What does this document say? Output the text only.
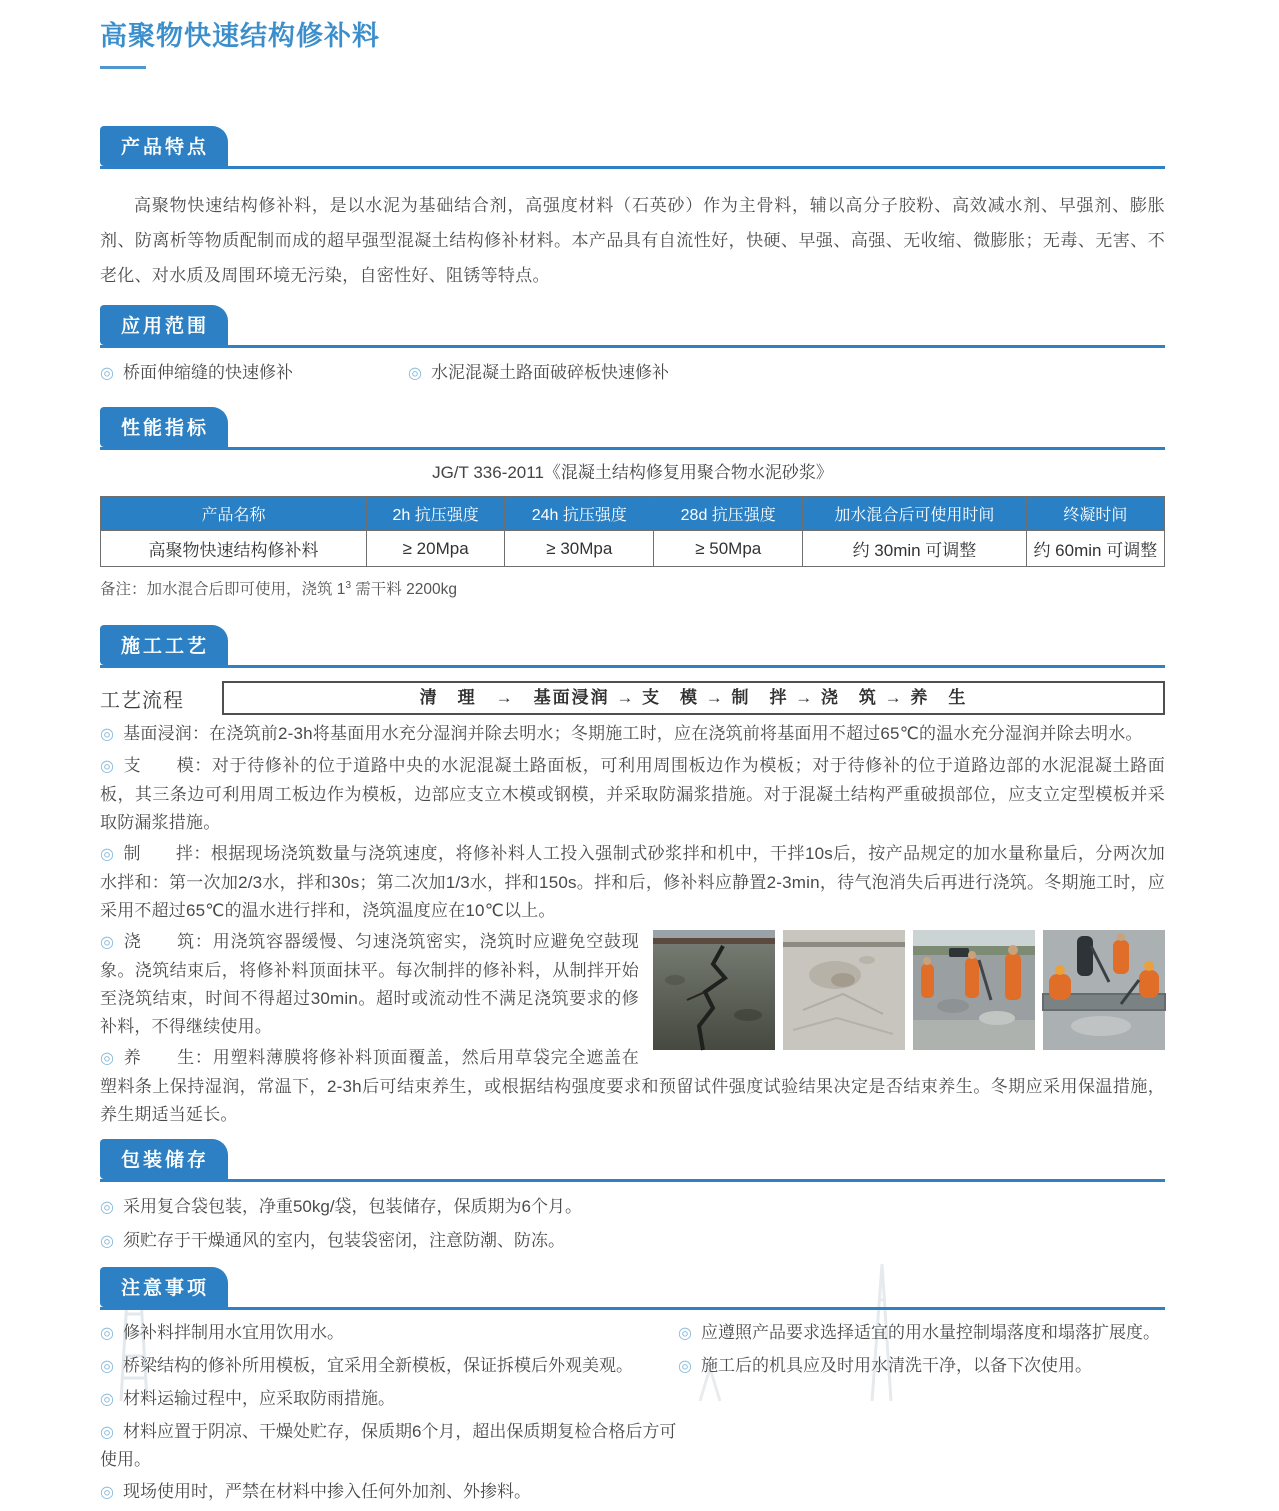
高聚物快速结构修补料
产品特点

高聚物快速结构修补料，是以水泥为基础结合剂，高强度材料（石英砂）作为主骨料，辅以高分子胶粉、高效减水剂、早强剂、膨胀剂、防离析等物质配制而成的超早强型混凝土结构修补材料。本产品具有自流性好，快硬、早强、高强、无收缩、微膨胀；无毒、无害、不老化、对水质及周围环境无污染，自密性好、阻锈等特点。

应用范围
◎ 桥面伸缩缝的快速修补	◎ 水泥混凝土路面破碎板快速修补
性能指标
JG/T 336-2011《混凝土结构修复用聚合物水泥砂浆》
产品名称	2h 抗压强度	24h 抗压强度	28d 抗压强度	加水混合后可使用时间	终凝时间
高聚物快速结构修补料	≥ 20Mpa	≥ 30Mpa	≥ 50Mpa	约 30min 可调整	约 60min 可调整
备注：加水混合后即可使用，浇筑 $1^3$ 需干料 2200kg
施工工艺
工艺流程	清　理　→　基面浸润 → 支　模 → 制　拌 → 浇　筑 → 养　生

◎ 基面浸润：在浇筑前2-3h将基面用水充分湿润并除去明水；冬期施工时，应在浇筑前将基面用不超过65℃的温水充分湿润并除去明水。

◎ 支　　模：对于待修补的位于道路中央的水泥混凝土路面板，可利用周围板边作为模板；对于待修补的位于道路边部的水泥混凝土路面板，其三条边可利用周工板边作为模板，边部应支立木模或钢模，并采取防漏浆措施。对于混凝土结构严重破损部位，应支立定型模板并采取防漏浆措施。

◎ 制　　拌：根据现场浇筑数量与浇筑速度，将修补料人工投入强制式砂浆拌和机中，干拌10s后，按产品规定的加水量称量后，分两次加水拌和：第一次加2/3水，拌和30s；第二次加1/3水，拌和150s。拌和后，修补料应静置2-3min，待气泡消失后再进行浇筑。冬期施工时，应采用不超过65℃的温水进行拌和，浇筑温度应在10℃以上。

◎ 浇　　筑：用浇筑容器缓慢、匀速浇筑密实，浇筑时应避免空鼓现象。浇筑结束后，将修补料顶面抹平。每次制拌的修补料，从制拌开始至浇筑结束，时间不得超过30min。超时或流动性不满足浇筑要求的修补料，不得继续使用。

◎ 养　　生：用塑料薄膜将修补料顶面覆盖，然后用草袋完全遮盖在塑料条上保持湿润，常温下，2-3h后可结束养生，或根据结构强度要求和预留试件强度试验结果决定是否结束养生。冬期应采用保温措施，养生期适当延长。

包装储存
◎ 采用复合袋包装，净重50kg/袋，包装储存，保质期为6个月。
◎ 须贮存于干燥通风的室内，包装袋密闭，注意防潮、防冻。
注意事项
◎ 修补料拌制用水宜用饮用水。
◎ 桥梁结构的修补所用模板，宜采用全新模板，保证拆模后外观美观。
◎ 材料运输过程中，应采取防雨措施。
◎ 材料应置于阴凉、干燥处贮存，保质期6个月，超出保质期复检合格后方可使用。
◎ 现场使用时，严禁在材料中掺入任何外加剂、外掺料。
◎ 应遵照产品要求选择适宜的用水量控制塌落度和塌落扩展度。
◎ 施工后的机具应及时用水清洗干净，以备下次使用。
